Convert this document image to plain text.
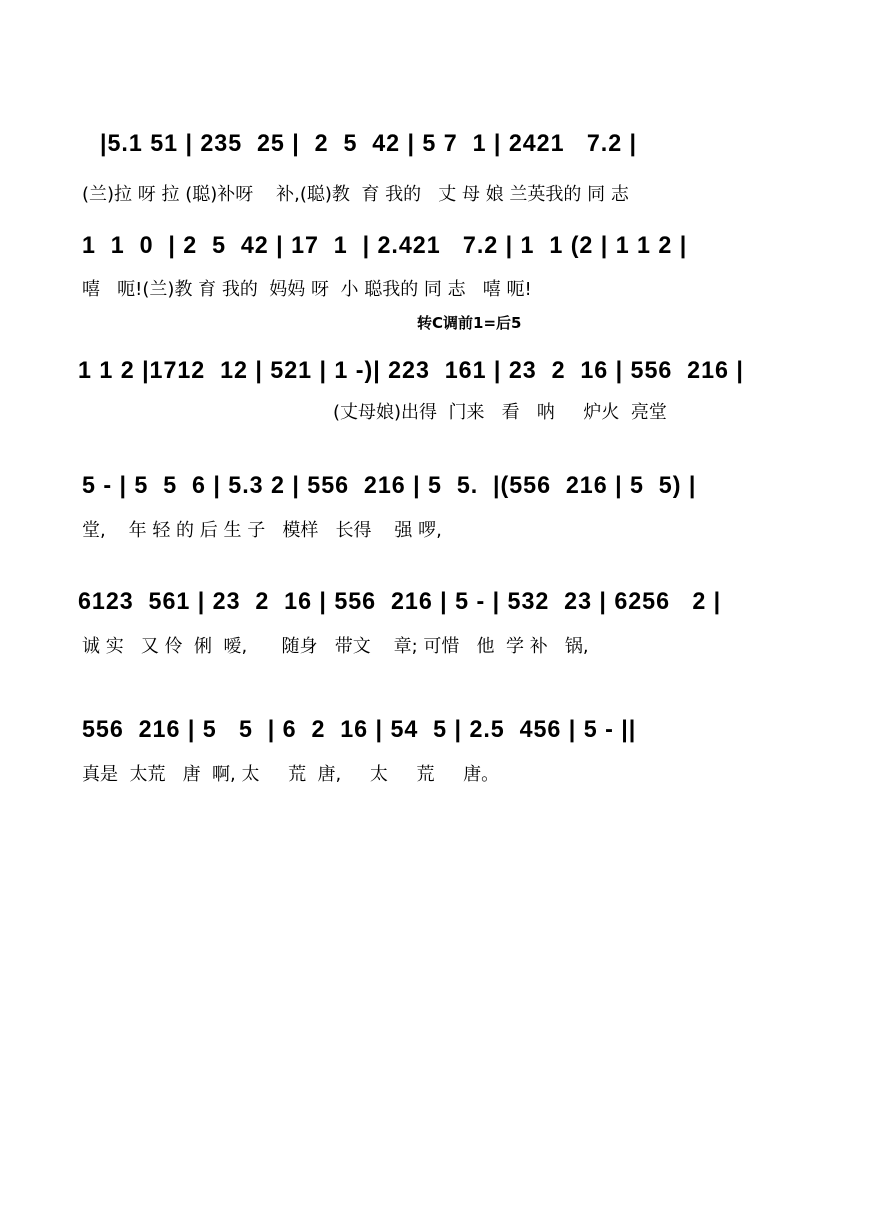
转C调前1=后5

|5.1 51 | 235  25 |  2  5  42 | 5 7  1 | 2421   7.2 |

(兰)拉 呀 拉 (聪)补呀    补,(聪)教  育 我的   丈 母 娘 兰英我的 同 志

1  1  0  | 2  5  42 | 17  1  | 2.421   7.2 | 1  1 (2 | 1 1 2 |

嘻   呃!(兰)教 育 我的  妈妈 呀  小 聪我的 同 志   嘻 呃!

1 1 2 |1712  12 | 521 | 1 -)| 223  161 | 23  2  16 | 556  216 |

(丈母娘)出得  门来   看   呐     炉火  亮堂

5 - | 5  5  6 | 5.3 2 | 556  216 | 5  5.  |(556  216 | 5  5) |

堂,    年 轻 的 后 生 子   模样   长得    强 啰,

6123  561 | 23  2  16 | 556  216 | 5 - | 532  23 | 6256   2 |

诚 实   又 伶  俐  嗳,      随身   带文    章; 可惜   他  学 补   锅,

556  216 | 5   5  | 6  2  16 | 54  5 | 2.5  456 | 5 - ||

真是  太荒   唐  啊, 太     荒  唐,     太     荒     唐。
